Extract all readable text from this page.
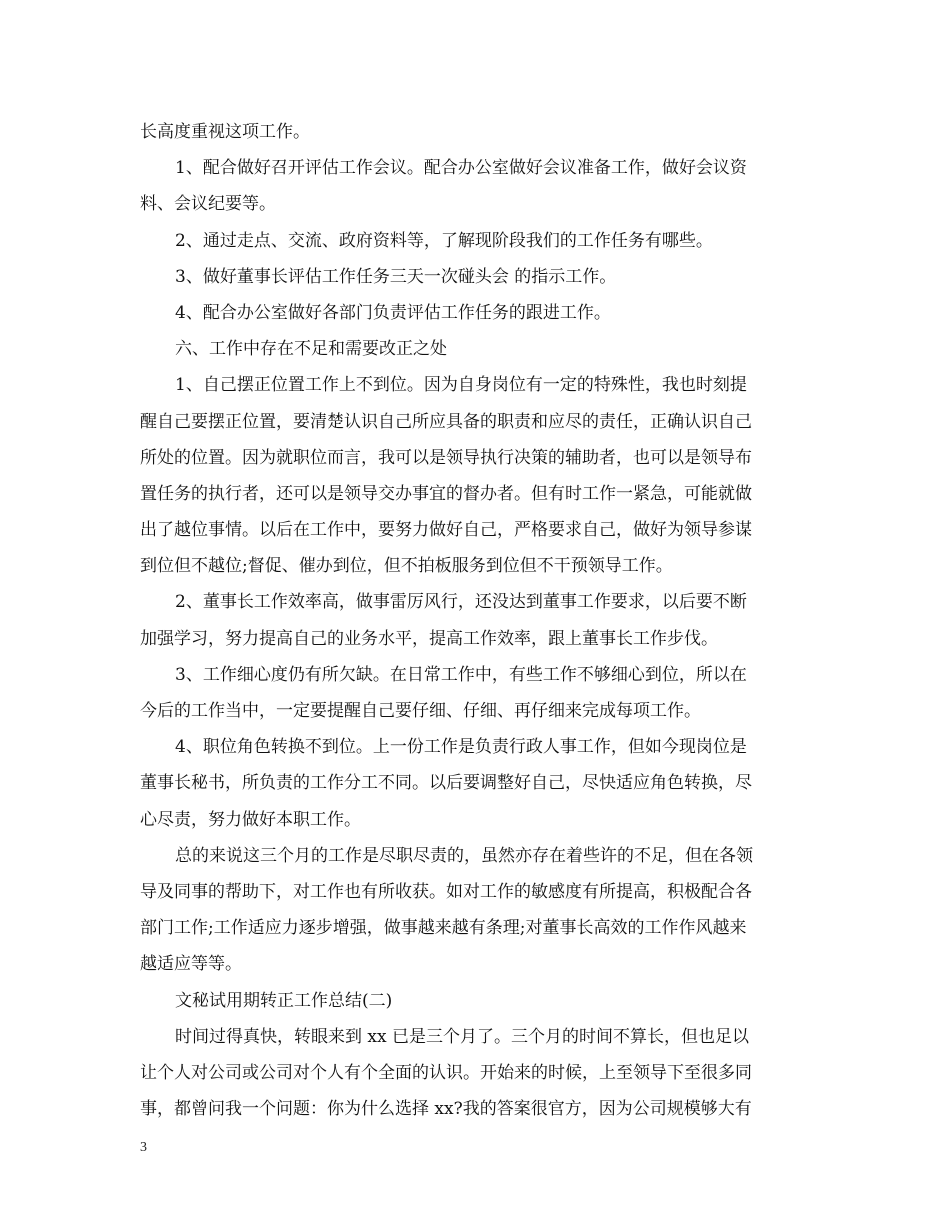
长高度重视这项工作。
1、配合做好召开评估工作会议。配合办公室做好会议准备工作，做好会议资
料、会议纪要等。
2、通过走点、交流、政府资料等，了解现阶段我们的工作任务有哪些。
3、做好董事长评估工作任务三天一次碰头会 的指示工作。
4、配合办公室做好各部门负责评估工作任务的跟进工作。
六、工作中存在不足和需要改正之处
1、自己摆正位置工作上不到位。因为自身岗位有一定的特殊性，我也时刻提
醒自己要摆正位置，要清楚认识自己所应具备的职责和应尽的责任，正确认识自己
所处的位置。因为就职位而言，我可以是领导执行决策的辅助者，也可以是领导布
置任务的执行者，还可以是领导交办事宜的督办者。但有时工作一紧急，可能就做
出了越位事情。以后在工作中，要努力做好自己，严格要求自己，做好为领导参谋
到位但不越位;督促、催办到位，但不拍板服务到位但不干预领导工作。
2、董事长工作效率高，做事雷厉风行，还没达到董事工作要求，以后要不断
加强学习，努力提高自己的业务水平，提高工作效率，跟上董事长工作步伐。
3、工作细心度仍有所欠缺。在日常工作中，有些工作不够细心到位，所以在
今后的工作当中，一定要提醒自己要仔细、仔细、再仔细来完成每项工作。
4、职位角色转换不到位。上一份工作是负责行政人事工作，但如今现岗位是
董事长秘书，所负责的工作分工不同。以后要调整好自己，尽快适应角色转换，尽
心尽责，努力做好本职工作。
总的来说这三个月的工作是尽职尽责的，虽然亦存在着些许的不足，但在各领
导及同事的帮助下，对工作也有所收获。如对工作的敏感度有所提高，积极配合各
部门工作;工作适应力逐步增强，做事越来越有条理;对董事长高效的工作作风越来
越适应等等。
文秘试用期转正工作总结(二)
时间过得真快，转眼来到 xx 已是三个月了。三个月的时间不算长，但也足以
让个人对公司或公司对个人有个全面的认识。开始来的时候，上至领导下至很多同
事，都曾问我一个问题：你为什么选择 xx?我的答案很官方，因为公司规模够大有
3
